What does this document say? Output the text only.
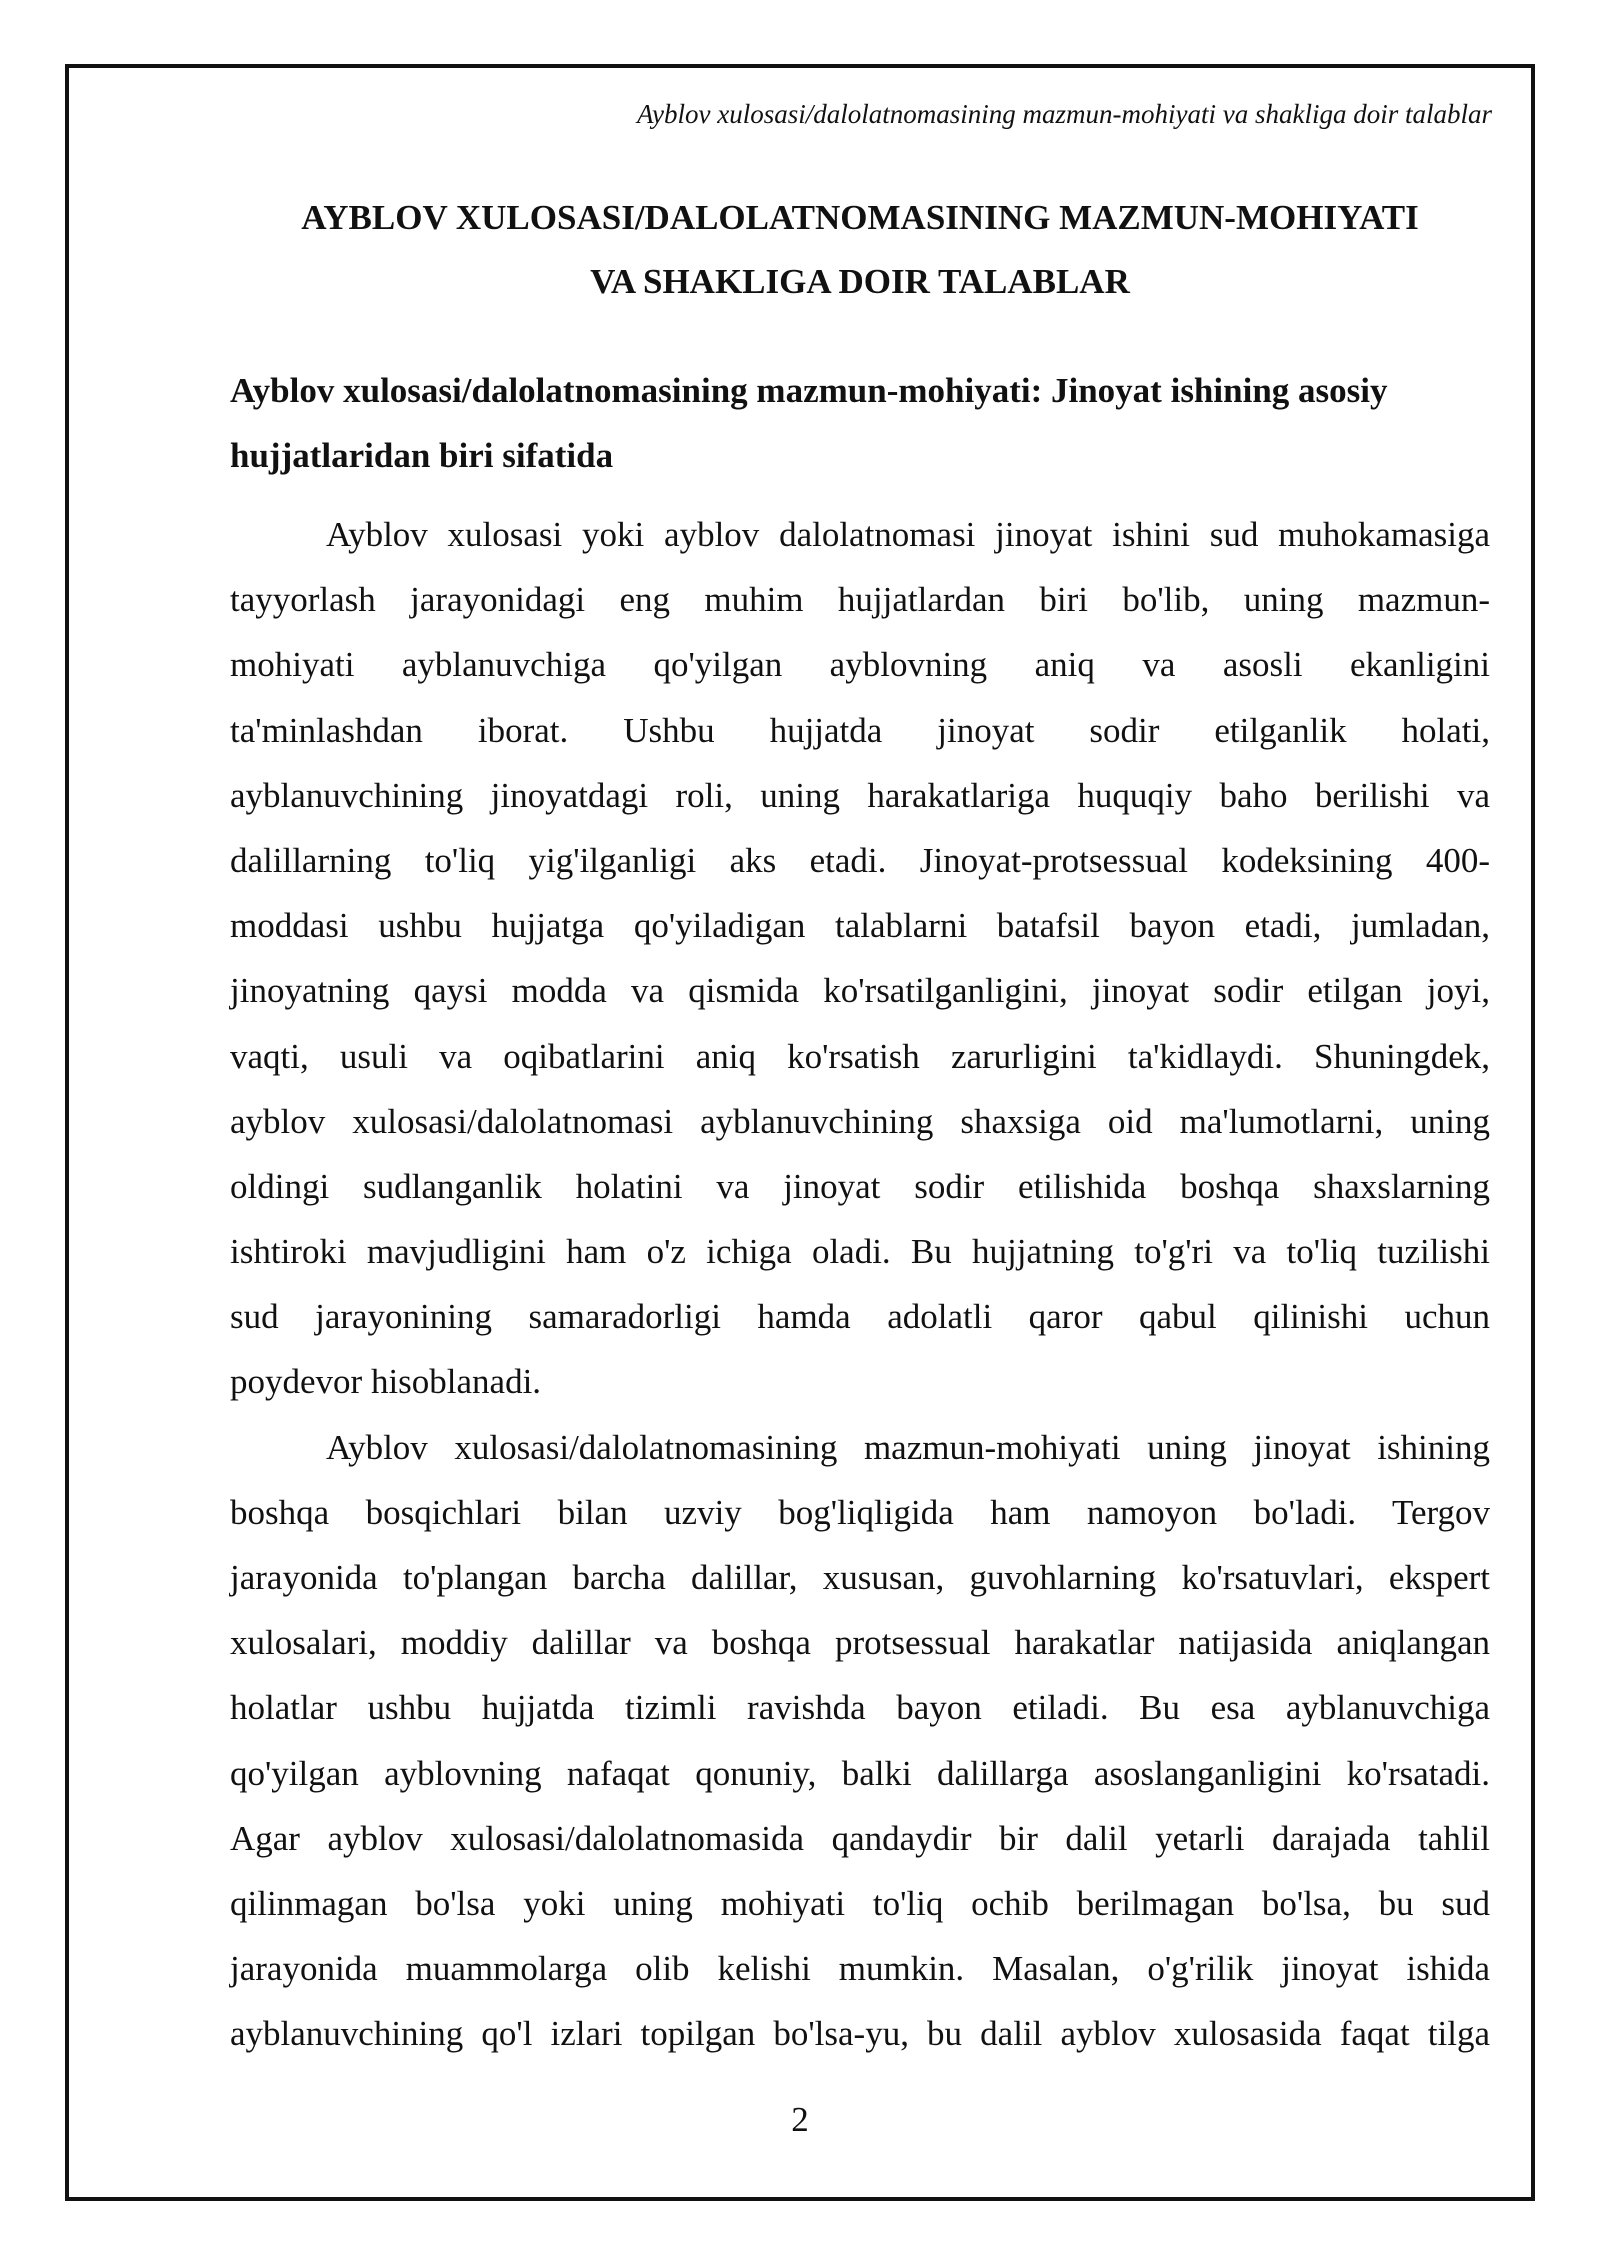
Ayblov xulosasi/dalolatnomasining mazmun-mohiyati va shakliga doir talablar
AYBLOV XULOSASI/DALOLATNOMASINING MAZMUN-MOHIYATI
VA SHAKLIGA DOIR TALABLAR
Ayblov xulosasi/dalolatnomasining mazmun-mohiyati: Jinoyat ishining asosiy
hujjatlaridan biri sifatida
Ayblov xulosasi yoki ayblov dalolatnomasi jinoyat ishini sud muhokamasiga
tayyorlash jarayonidagi eng muhim hujjatlardan biri bo'lib, uning mazmun-
mohiyati ayblanuvchiga qo'yilgan ayblovning aniq va asosli ekanligini
ta'minlashdan iborat. Ushbu hujjatda jinoyat sodir etilganlik holati,
ayblanuvchining jinoyatdagi roli, uning harakatlariga huquqiy baho berilishi va
dalillarning to'liq yig'ilganligi aks etadi. Jinoyat-protsessual kodeksining 400-
moddasi ushbu hujjatga qo'yiladigan talablarni batafsil bayon etadi, jumladan,
jinoyatning qaysi modda va qismida ko'rsatilganligini, jinoyat sodir etilgan joyi,
vaqti, usuli va oqibatlarini aniq ko'rsatish zarurligini ta'kidlaydi. Shuningdek,
ayblov xulosasi/dalolatnomasi ayblanuvchining shaxsiga oid ma'lumotlarni, uning
oldingi sudlanganlik holatini va jinoyat sodir etilishida boshqa shaxslarning
ishtiroki mavjudligini ham o'z ichiga oladi. Bu hujjatning to'g'ri va to'liq tuzilishi
sud jarayonining samaradorligi hamda adolatli qaror qabul qilinishi uchun
poydevor hisoblanadi.
Ayblov xulosasi/dalolatnomasining mazmun-mohiyati uning jinoyat ishining
boshqa bosqichlari bilan uzviy bog'liqligida ham namoyon bo'ladi. Tergov
jarayonida to'plangan barcha dalillar, xususan, guvohlarning ko'rsatuvlari, ekspert
xulosalari, moddiy dalillar va boshqa protsessual harakatlar natijasida aniqlangan
holatlar ushbu hujjatda tizimli ravishda bayon etiladi. Bu esa ayblanuvchiga
qo'yilgan ayblovning nafaqat qonuniy, balki dalillarga asoslanganligini ko'rsatadi.
Agar ayblov xulosasi/dalolatnomasida qandaydir bir dalil yetarli darajada tahlil
qilinmagan bo'lsa yoki uning mohiyati to'liq ochib berilmagan bo'lsa, bu sud
jarayonida muammolarga olib kelishi mumkin. Masalan, o'g'rilik jinoyat ishida
ayblanuvchining qo'l izlari topilgan bo'lsa-yu, bu dalil ayblov xulosasida faqat tilga
2
